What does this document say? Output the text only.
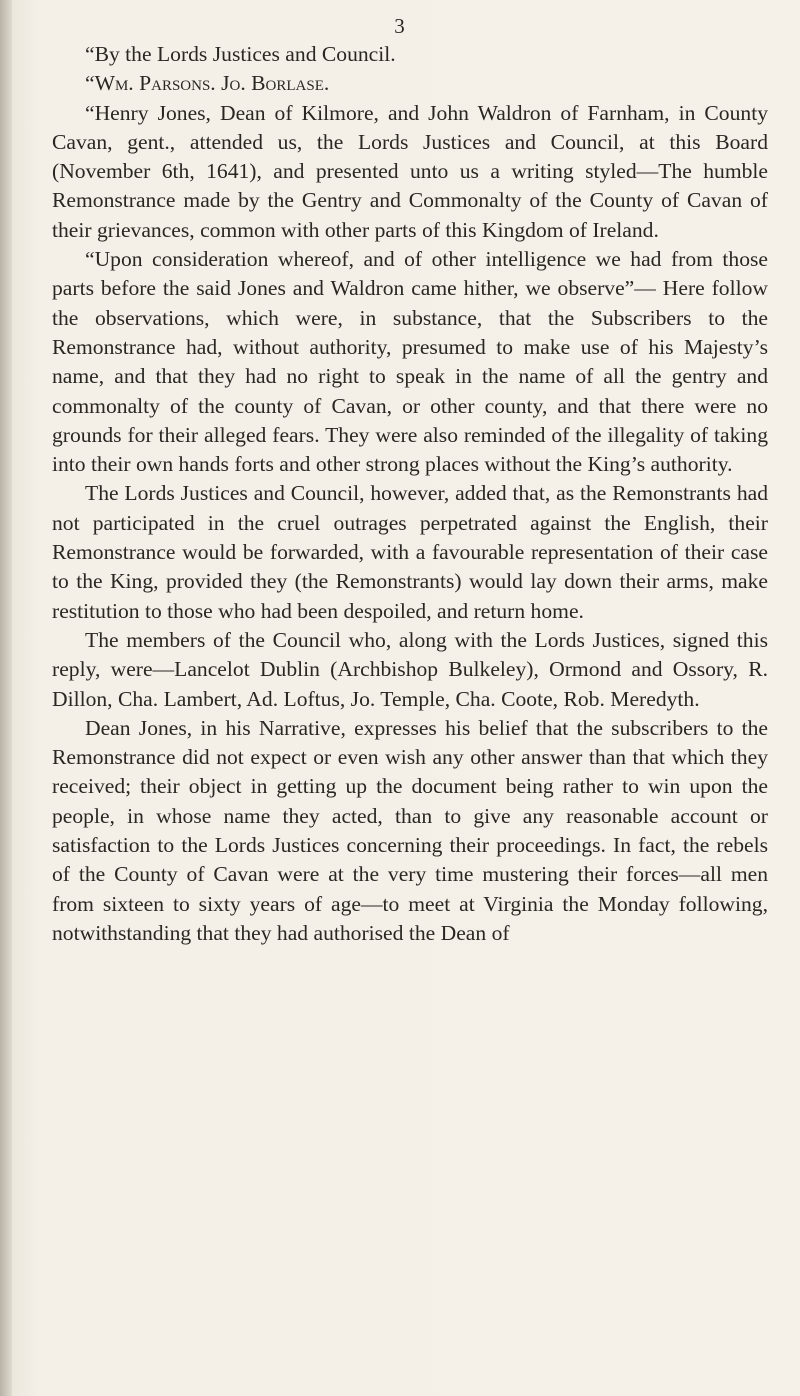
3

“By the Lords Justices and Council.

“Wm. Parsons. Jo. Borlase.

“Henry Jones, Dean of Kilmore, and John Waldron of Farnham, in County Cavan, gent., attended us, the Lords Justices and Council, at this Board (November 6th, 1641), and presented unto us a writing styled—The humble Remonstrance made by the Gentry and Commonalty of the County of Cavan of their grievances, common with other parts of this Kingdom of Ireland.

“Upon consideration whereof, and of other intelligence we had from those parts before the said Jones and Waldron came hither, we observe”— Here follow the observations, which were, in substance, that the Subscribers to the Remonstrance had, without authority, presumed to make use of his Majesty’s name, and that they had no right to speak in the name of all the gentry and commonalty of the county of Cavan, or other county, and that there were no grounds for their alleged fears. They were also reminded of the illegality of taking into their own hands forts and other strong places without the King’s authority.

The Lords Justices and Council, however, added that, as the Remonstrants had not participated in the cruel outrages perpetrated against the English, their Remonstrance would be forwarded, with a favourable representation of their case to the King, provided they (the Remonstrants) would lay down their arms, make restitution to those who had been despoiled, and return home.

The members of the Council who, along with the Lords Justices, signed this reply, were—Lancelot Dublin (Archbishop Bulkeley), Ormond and Ossory, R. Dillon, Cha. Lambert, Ad. Loftus, Jo. Temple, Cha. Coote, Rob. Meredyth.

Dean Jones, in his Narrative, expresses his belief that the subscribers to the Remonstrance did not expect or even wish any other answer than that which they received; their object in getting up the document being rather to win upon the people, in whose name they acted, than to give any reasonable account or satisfaction to the Lords Justices concerning their proceedings. In fact, the rebels of the County of Cavan were at the very time mustering their forces—all men from sixteen to sixty years of age—to meet at Virginia the Monday following, notwithstanding that they had authorised the Dean of
